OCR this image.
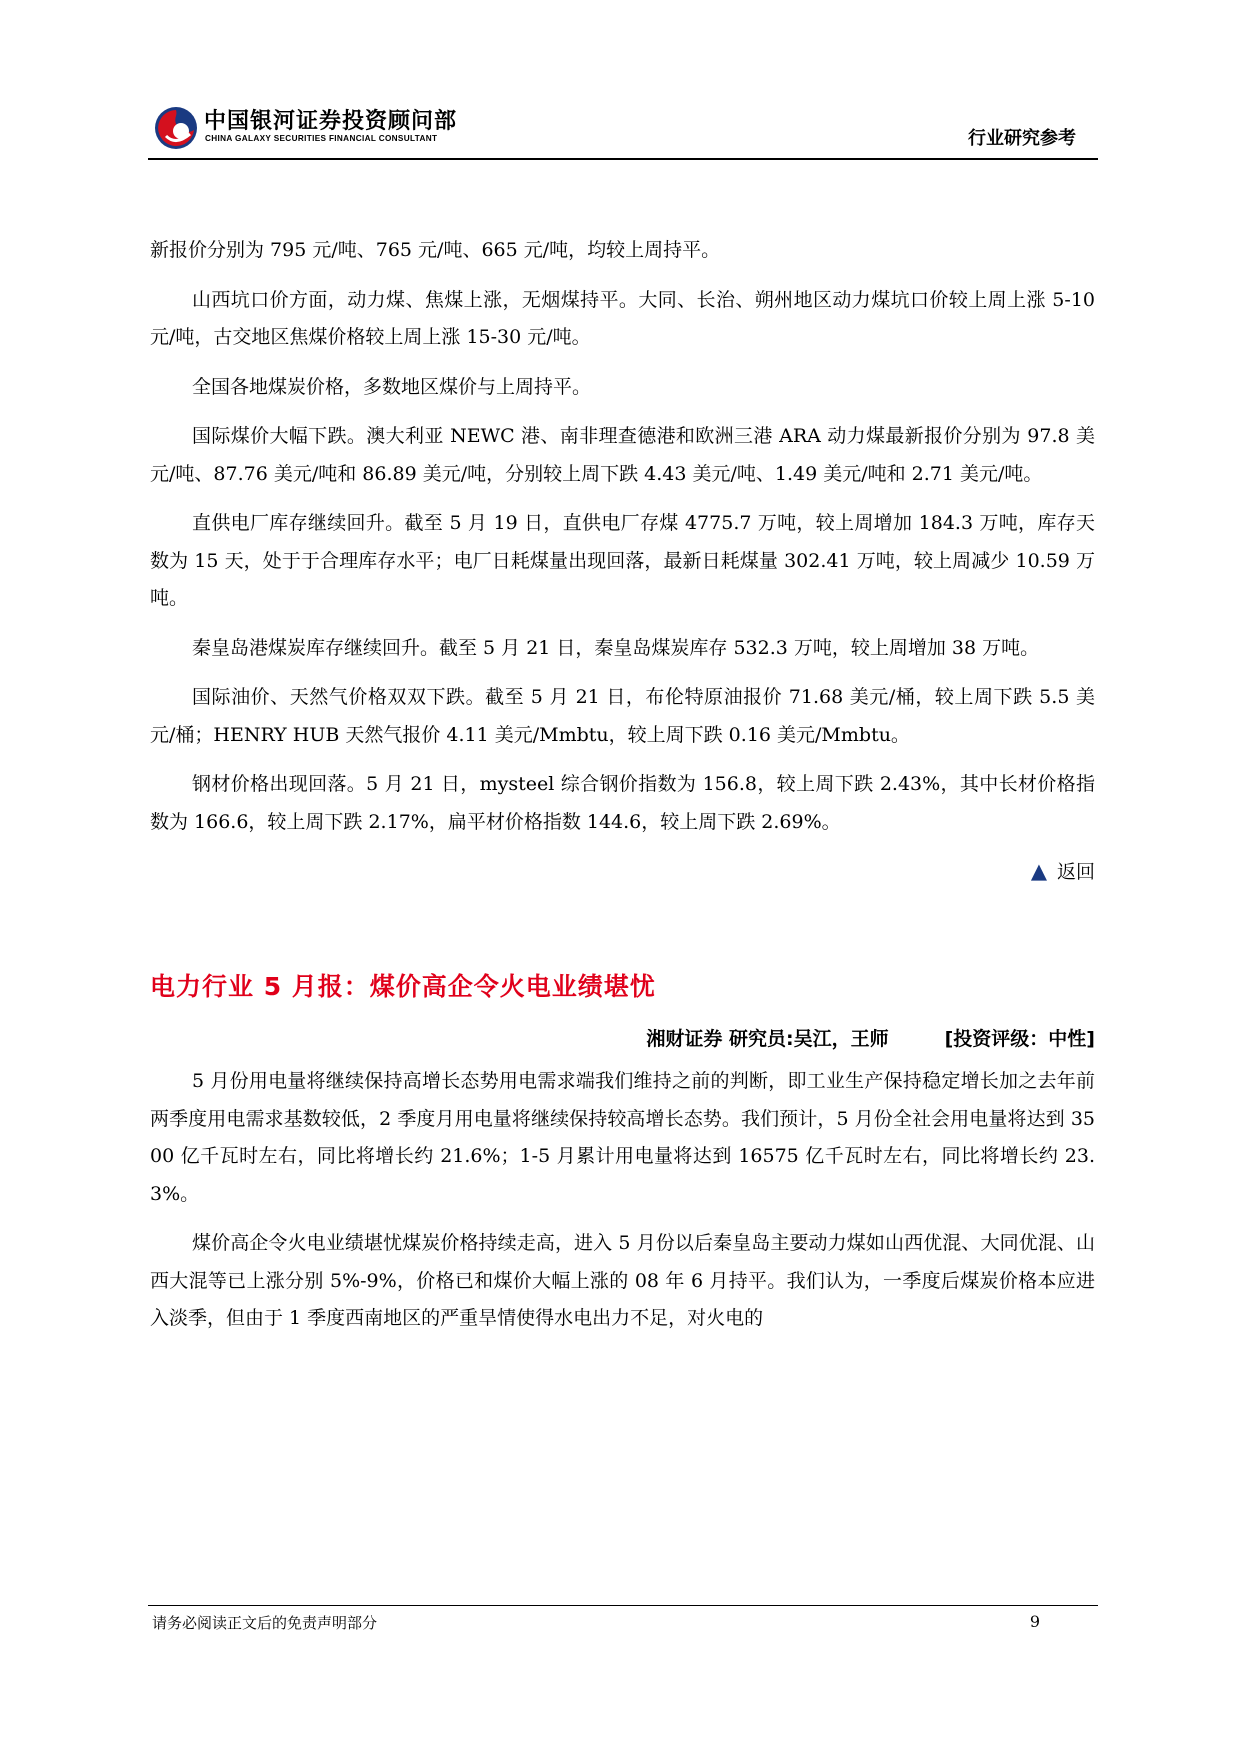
中国银河证券投资顾问部
CHINA GALAXY SECURITIES FINANCIAL CONSULTANT	行业研究参考

新报价分别为 795 元/吨、765 元/吨、665 元/吨，均较上周持平。

山西坑口价方面，动力煤、焦煤上涨，无烟煤持平。大同、长治、朔州地区动力煤坑口价较上周上涨 5-10 元/吨，古交地区焦煤价格较上周上涨 15-30 元/吨。

全国各地煤炭价格，多数地区煤价与上周持平。

国际煤价大幅下跌。澳大利亚 NEWC 港、南非理查德港和欧洲三港 ARA 动力煤最新报价分别为 97.8 美元/吨、87.76 美元/吨和 86.89 美元/吨，分别较上周下跌 4.43 美元/吨、1.49 美元/吨和 2.71 美元/吨。

直供电厂库存继续回升。截至 5 月 19 日，直供电厂存煤 4775.7 万吨，较上周增加 184.3 万吨，库存天数为 15 天，处于于合理库存水平；电厂日耗煤量出现回落，最新日耗煤量 302.41 万吨，较上周减少 10.59 万吨。

秦皇岛港煤炭库存继续回升。截至 5 月 21 日，秦皇岛煤炭库存 532.3 万吨，较上周增加 38 万吨。

国际油价、天然气价格双双下跌。截至 5 月 21 日，布伦特原油报价 71.68 美元/桶，较上周下跌 5.5 美元/桶；HENRY HUB 天然气报价 4.11 美元/Mmbtu，较上周下跌 0.16 美元/Mmbtu。

钢材价格出现回落。5 月 21 日，mysteel 综合钢价指数为 156.8，较上周下跌 2.43%，其中长材价格指数为 166.6，较上周下跌 2.17%，扁平材价格指数 144.6，较上周下跌 2.69%。

▲ 返回
电力行业 5 月报：煤价高企令火电业绩堪忧
湘财证券 研究员:吴江，王师	[投资评级：中性]

5 月份用电量将继续保持高增长态势用电需求端我们维持之前的判断，即工业生产保持稳定增长加之去年前两季度用电需求基数较低，2 季度月用电量将继续保持较高增长态势。我们预计，5 月份全社会用电量将达到 3500 亿千瓦时左右，同比将增长约 21.6%；1-5 月累计用电量将达到 16575 亿千瓦时左右，同比将增长约 23.3%。

煤价高企令火电业绩堪忧煤炭价格持续走高，进入 5 月份以后秦皇岛主要动力煤如山西优混、大同优混、山西大混等已上涨分别 5%-9%，价格已和煤价大幅上涨的 08 年 6 月持平。我们认为，一季度后煤炭价格本应进入淡季，但由于 1 季度西南地区的严重旱情使得水电出力不足，对火电的

请务必阅读正文后的免责声明部分	9
